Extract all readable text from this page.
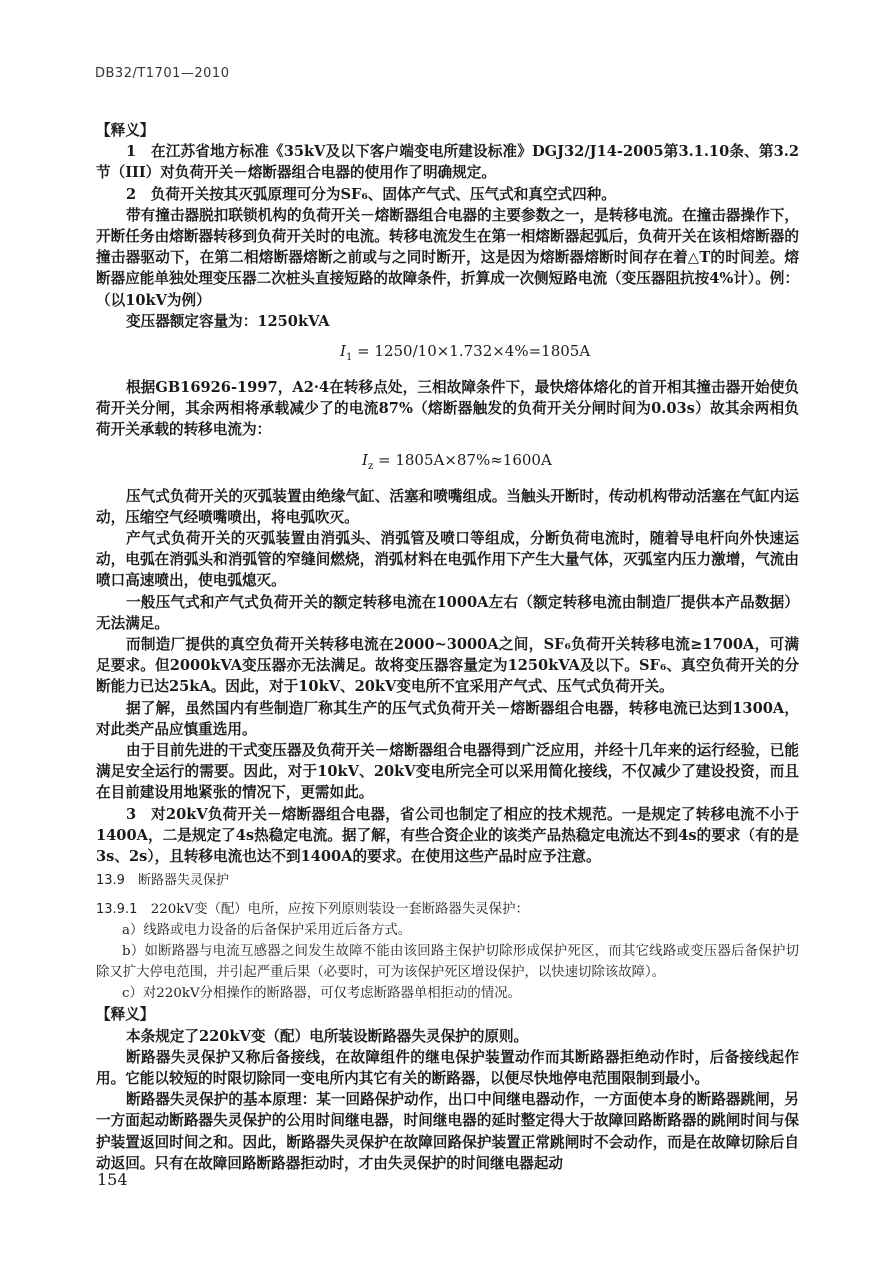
DB32/T1701—2010

【释义】

1　在江苏省地方标准《35kV及以下客户端变电所建设标准》DGJ32/J14-2005第3.1.10条、第3.2节（III）对负荷开关－熔断器组合电器的使用作了明确规定。

2　负荷开关按其灭弧原理可分为SF₆、固体产气式、压气式和真空式四种。

带有撞击器脱扣联锁机构的负荷开关－熔断器组合电器的主要参数之一，是转移电流。在撞击器操作下，开断任务由熔断器转移到负荷开关时的电流。转移电流发生在第一相熔断器起弧后，负荷开关在该相熔断器的撞击器驱动下，在第二相熔断器熔断之前或与之同时断开，这是因为熔断器熔断时间存在着△T的时间差。熔断器应能单独处理变压器二次桩头直接短路的故障条件，折算成一次侧短路电流（变压器阻抗按4%计）。例：（以10kV为例）

变压器额定容量为：1250kVA

$I_1 = 1250/10\times 1.732\times 4\%=1805A$

根据GB16926-1997，A2·4在转移点处，三相故障条件下，最快熔体熔化的首开相其撞击器开始使负荷开关分闸，其余两相将承载减少了的电流87%（熔断器触发的负荷开关分闸时间为0.03s）故其余两相负荷开关承载的转移电流为：

$I_z = 1805A\times 87\%\approx 1600A$

压气式负荷开关的灭弧装置由绝缘气缸、活塞和喷嘴组成。当触头开断时，传动机构带动活塞在气缸内运动，压缩空气经喷嘴喷出，将电弧吹灭。

产气式负荷开关的灭弧装置由消弧头、消弧管及喷口等组成，分断负荷电流时，随着导电杆向外快速运动，电弧在消弧头和消弧管的窄缝间燃烧，消弧材料在电弧作用下产生大量气体，灭弧室内压力激增，气流由喷口高速喷出，使电弧熄灭。

一般压气式和产气式负荷开关的额定转移电流在1000A左右（额定转移电流由制造厂提供本产品数据）无法满足。

而制造厂提供的真空负荷开关转移电流在2000~3000A之间，SF₆负荷开关转移电流≥1700A，可满足要求。但2000kVA变压器亦无法满足。故将变压器容量定为1250kVA及以下。SF₆、真空负荷开关的分断能力已达25kA。因此，对于10kV、20kV变电所不宜采用产气式、压气式负荷开关。

据了解，虽然国内有些制造厂称其生产的压气式负荷开关－熔断器组合电器，转移电流已达到1300A，对此类产品应慎重选用。

由于目前先进的干式变压器及负荷开关－熔断器组合电器得到广泛应用，并经十几年来的运行经验，已能满足安全运行的需要。因此，对于10kV、20kV变电所完全可以采用简化接线，不仅减少了建设投资，而且在目前建设用地紧张的情况下，更需如此。

3　对20kV负荷开关－熔断器组合电器，省公司也制定了相应的技术规范。一是规定了转移电流不小于1400A，二是规定了4s热稳定电流。据了解，有些合资企业的该类产品热稳定电流达不到4s的要求（有的是3s、2s），且转移电流也达不到1400A的要求。在使用这些产品时应予注意。

13.9　断路器失灵保护

13.9.1　 220kV变（配）电所，应按下列原则装设一套断路器失灵保护：

a）线路或电力设备的后备保护采用近后备方式。

b）如断路器与电流互感器之间发生故障不能由该回路主保护切除形成保护死区，而其它线路或变压器后备保护切除又扩大停电范围，并引起严重后果（必要时，可为该保护死区增设保护，以快速切除该故障）。

c）对220kV分相操作的断路器，可仅考虑断路器单相拒动的情况。

【释义】

本条规定了220kV变（配）电所装设断路器失灵保护的原则。

断路器失灵保护又称后备接线，在故障组件的继电保护装置动作而其断路器拒绝动作时，后备接线起作用。它能以较短的时限切除同一变电所内其它有关的断路器，以便尽快地停电范围限制到最小。

断路器失灵保护的基本原理：某一回路保护动作，出口中间继电器动作，一方面使本身的断路器跳闸，另一方面起动断路器失灵保护的公用时间继电器，时间继电器的延时整定得大于故障回路断路器的跳闸时间与保护装置返回时间之和。因此，断路器失灵保护在故障回路保护装置正常跳闸时不会动作，而是在故障切除后自动返回。只有在故障回路断路器拒动时，才由失灵保护的时间继电器起动

154
